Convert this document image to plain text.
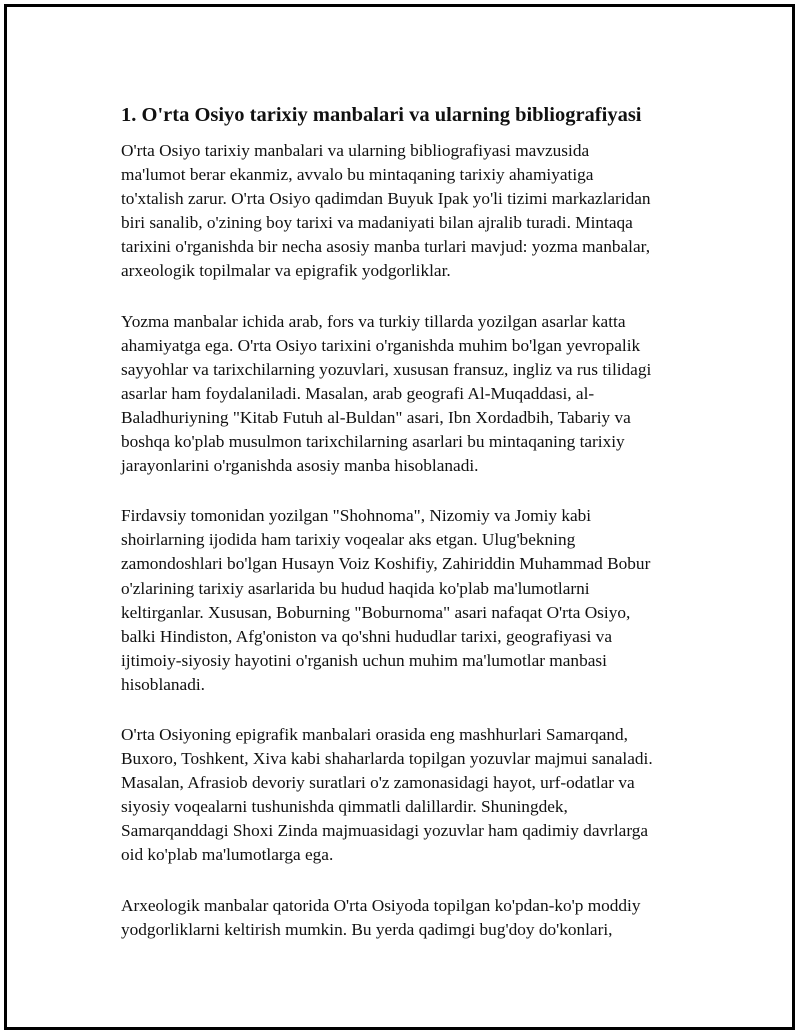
1. O'rta Osiyo tarixiy manbalari va ularning bibliografiyasi

O'rta Osiyo tarixiy manbalari va ularning bibliografiyasi mavzusida
ma'lumot berar ekanmiz, avvalo bu mintaqaning tarixiy ahamiyatiga
to'xtalish zarur. O'rta Osiyo qadimdan Buyuk Ipak yo'li tizimi markazlaridan
biri sanalib, o'zining boy tarixi va madaniyati bilan ajralib turadi. Mintaqa
tarixini o'rganishda bir necha asosiy manba turlari mavjud: yozma manbalar,
arxeologik topilmalar va epigrafik yodgorliklar.

Yozma manbalar ichida arab, fors va turkiy tillarda yozilgan asarlar katta
ahamiyatga ega. O'rta Osiyo tarixini o'rganishda muhim bo'lgan yevropalik
sayyohlar va tarixchilarning yozuvlari, xususan fransuz, ingliz va rus tilidagi
asarlar ham foydalaniladi. Masalan, arab geografi Al-Muqaddasi, al-
Baladhuriyning "Kitab Futuh al-Buldan" asari, Ibn Xordadbih, Tabariy va
boshqa ko'plab musulmon tarixchilarning asarlari bu mintaqaning tarixiy
jarayonlarini o'rganishda asosiy manba hisoblanadi.

Firdavsiy tomonidan yozilgan "Shohnoma", Nizomiy va Jomiy kabi
shoirlarning ijodida ham tarixiy voqealar aks etgan. Ulug'bekning
zamondoshlari bo'lgan Husayn Voiz Koshifiy, Zahiriddin Muhammad Bobur
o'zlarining tarixiy asarlarida bu hudud haqida ko'plab ma'lumotlarni
keltirganlar. Xususan, Boburning "Boburnoma" asari nafaqat O'rta Osiyo,
balki Hindiston, Afg'oniston va qo'shni hududlar tarixi, geografiyasi va
ijtimoiy-siyosiy hayotini o'rganish uchun muhim ma'lumotlar manbasi
hisoblanadi.

O'rta Osiyoning epigrafik manbalari orasida eng mashhurlari Samarqand,
Buxoro, Toshkent, Xiva kabi shaharlarda topilgan yozuvlar majmui sanaladi.
Masalan, Afrasiob devoriy suratlari o'z zamonasidagi hayot, urf-odatlar va
siyosiy voqealarni tushunishda qimmatli dalillardir. Shuningdek,
Samarqanddagi Shoxi Zinda majmuasidagi yozuvlar ham qadimiy davrlarga
oid ko'plab ma'lumotlarga ega.

Arxeologik manbalar qatorida O'rta Osiyoda topilgan ko'pdan-ko'p moddiy
yodgorliklarni keltirish mumkin. Bu yerda qadimgi bug'doy do'konlari,
